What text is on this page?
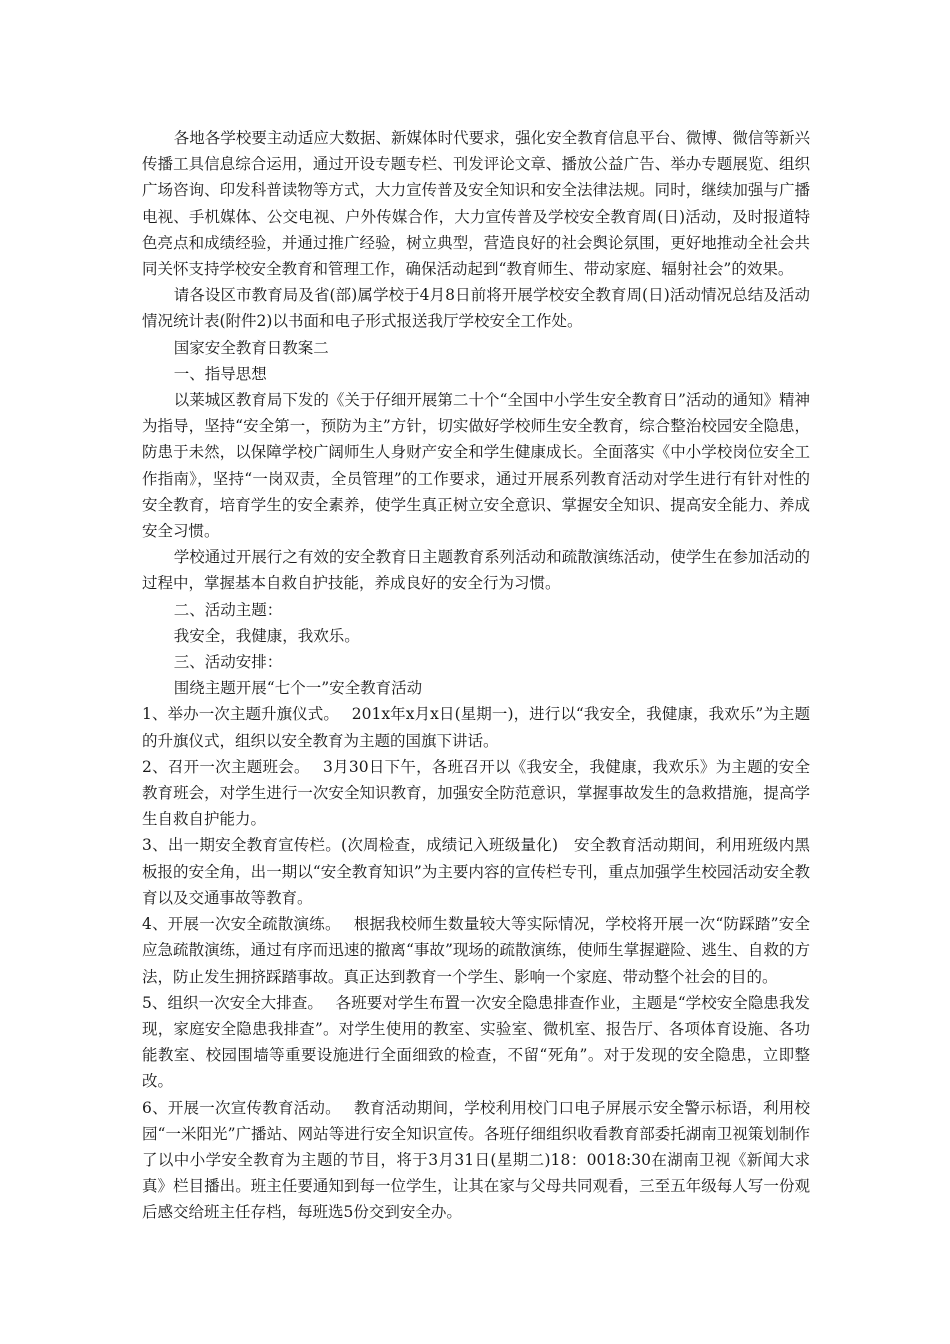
各地各学校要主动适应大数据、新媒体时代要求，强化安全教育信息平台、微博、微信等新兴传播工具信息综合运用，通过开设专题专栏、刊发评论文章、播放公益广告、举办专题展览、组织广场咨询、印发科普读物等方式，大力宣传普及安全知识和安全法律法规。同时，继续加强与广播电视、手机媒体、公交电视、户外传媒合作，大力宣传普及学校安全教育周(日)活动，及时报道特色亮点和成绩经验，并通过推广经验，树立典型，营造良好的社会舆论氛围，更好地推动全社会共同关怀支持学校安全教育和管理工作，确保活动起到“教育师生、带动家庭、辐射社会”的效果。

请各设区市教育局及省(部)属学校于4月8日前将开展学校安全教育周(日)活动情况总结及活动情况统计表(附件2)以书面和电子形式报送我厅学校安全工作处。

国家安全教育日教案二

一、指导思想

以莱城区教育局下发的《关于仔细开展第二十个“全国中小学生安全教育日”活动的通知》精神为指导，坚持“安全第一，预防为主”方针，切实做好学校师生安全教育，综合整治校园安全隐患，防患于未然，以保障学校广阔师生人身财产安全和学生健康成长。全面落实《中小学校岗位安全工作指南》，坚持“一岗双责，全员管理”的工作要求，通过开展系列教育活动对学生进行有针对性的安全教育，培育学生的安全素养，使学生真正树立安全意识、掌握安全知识、提高安全能力、养成安全习惯。

学校通过开展行之有效的安全教育日主题教育系列活动和疏散演练活动，使学生在参加活动的过程中，掌握基本自救自护技能，养成良好的安全行为习惯。

二、活动主题：

我安全，我健康，我欢乐。

三、活动安排：

围绕主题开展“七个一”安全教育活动

1、举办一次主题升旗仪式。　 201x年x月x日(星期一)，进行以“我安全，我健康，我欢乐”为主题的升旗仪式，组织以安全教育为主题的国旗下讲话。

2、召开一次主题班会。　 3月30日下午，各班召开以《我安全，我健康，我欢乐》为主题的安全教育班会，对学生进行一次安全知识教育，加强安全防范意识，掌握事故发生的急救措施，提高学生自救自护能力。

3、出一期安全教育宣传栏。(次周检查，成绩记入班级量化)　安全教育活动期间，利用班级内黑板报的安全角，出一期以“安全教育知识”为主要内容的宣传栏专刊，重点加强学生校园活动安全教育以及交通事故等教育。

4、开展一次安全疏散演练。　 根据我校师生数量较大等实际情况，学校将开展一次“防踩踏”安全应急疏散演练，通过有序而迅速的撤离“事故”现场的疏散演练，使师生掌握避险、逃生、自救的方法，防止发生拥挤踩踏事故。真正达到教育一个学生、影响一个家庭、带动整个社会的目的。

5、组织一次安全大排查。　 各班要对学生布置一次安全隐患排查作业，主题是“学校安全隐患我发现，家庭安全隐患我排查”。对学生使用的教室、实验室、微机室、报告厅、各项体育设施、各功能教室、校园围墙等重要设施进行全面细致的检查，不留“死角”。对于发现的安全隐患，立即整改。

6、开展一次宣传教育活动。　 教育活动期间，学校利用校门口电子屏展示安全警示标语，利用校园“一米阳光”广播站、网站等进行安全知识宣传。各班仔细组织收看教育部委托湖南卫视策划制作了以中小学安全教育为主题的节目，将于3月31日(星期二)18：0018:30在湖南卫视《新闻大求真》栏目播出。班主任要通知到每一位学生，让其在家与父母共同观看，三至五年级每人写一份观后感交给班主任存档，每班选5份交到安全办。
